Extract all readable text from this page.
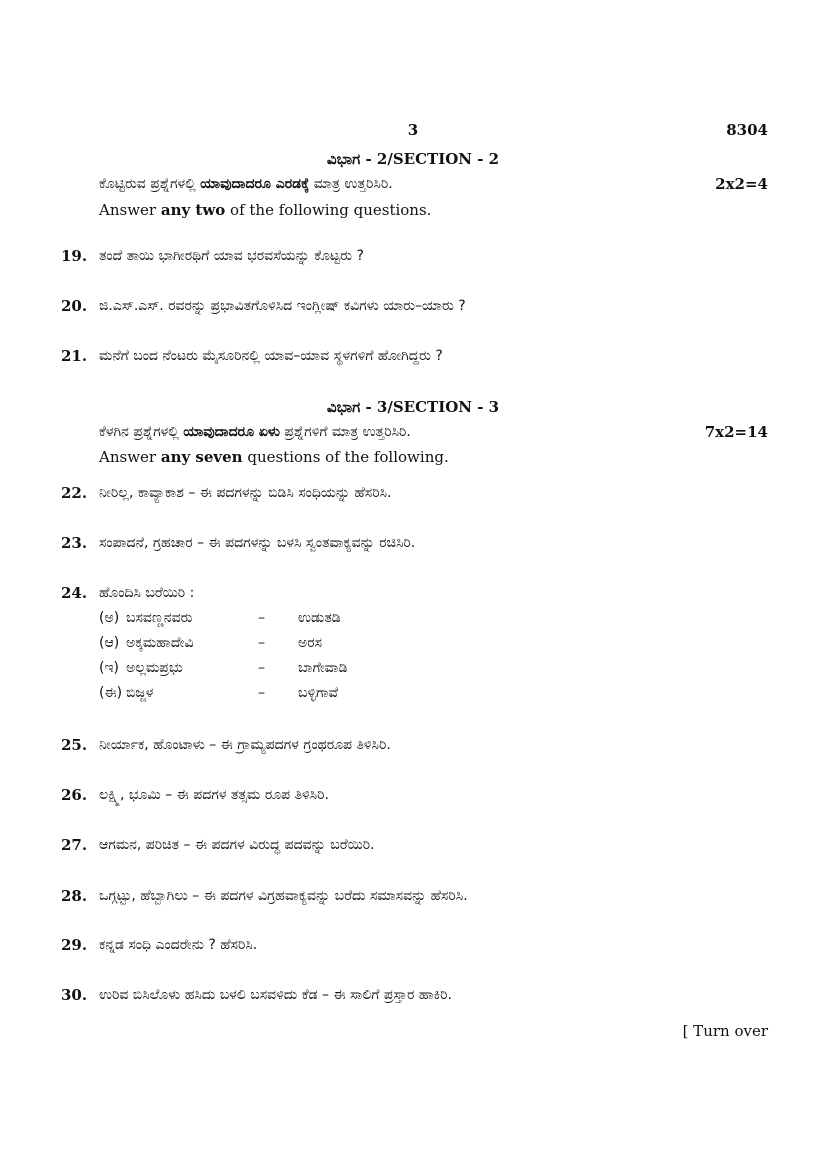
3	8304
ವಿಭಾಗ - 2/SECTION - 2
ಕೊಟ್ಟಿರುವ ಪ್ರಶ್ನೆಗಳಲ್ಲಿ ಯಾವುದಾದರೂ ಎರಡಕ್ಕೆ ಮಾತ್ರ ಉತ್ತರಿಸಿರಿ.	2x2=4
Answer any two of the following questions.
19. ತಂದೆ ತಾಯಿ ಭಾಗೀರಥಿಗೆ ಯಾವ ಭರವಸೆಯನ್ನು ಕೊಟ್ಟರು ?
20. ಜಿ.ಎಸ್.ಎಸ್. ರವರನ್ನು ಪ್ರಭಾವಿತಗೊಳಿಸಿದ ಇಂಗ್ಲೀಷ್ ಕವಿಗಳು ಯಾರು–ಯಾರು ?
21. ಮನೆಗೆ ಬಂದ ನೆಂಟರು ಮೈಸೂರಿನಲ್ಲಿ ಯಾವ–ಯಾವ ಸ್ಥಳಗಳಿಗೆ ಹೋಗಿದ್ದರು ?
ವಿಭಾಗ - 3/SECTION - 3
ಕೆಳಗಿನ ಪ್ರಶ್ನೆಗಳಲ್ಲಿ ಯಾವುದಾದರೂ ಏಳು ಪ್ರಶ್ನೆಗಳಿಗೆ ಮಾತ್ರ ಉತ್ತರಿಸಿರಿ.	7x2=14
Answer any seven questions of the following.
22. ನೀರಿಲ್ಲ, ಕಾವ್ಯಾಕಾಶ – ಈ ಪದಗಳನ್ನು ಬಿಡಿಸಿ ಸಂಧಿಯನ್ನು ಹೆಸರಿಸಿ.
23. ಸಂಪಾದನೆ, ಗ್ರಹಚಾರ – ಈ ಪದಗಳನ್ನು ಬಳಸಿ ಸ್ವಂತವಾಕ್ಯವನ್ನು ರಚಿಸಿರಿ.
24. ಹೊಂದಿಸಿ ಬರೆಯಿರಿ :
(ಅ) ಬಸವಣ್ಣನವರು	– ಉಡುತಡಿ
(ಆ) ಅಕ್ಕಮಹಾದೇವಿ	– ಅರಸ
(ಇ) ಅಲ್ಲಮಪ್ರಭು	– ಬಾಗೇವಾಡಿ
(ಈ) ಬಿಜ್ಜಳ	– ಬಳ್ಳಿಗಾವೆ
25. ನೀರ್ಯಾಕ, ಹೊಂಟಾಳು – ಈ ಗ್ರಾಮ್ಯಪದಗಳ ಗ್ರಂಥರೂಪ ತಿಳಿಸಿರಿ.
26. ಲಕ್ಷ್ಮಿ, ಭೂಮಿ – ಈ ಪದಗಳ ತತ್ಸಮ ರೂಪ ತಿಳಿಸಿರಿ.
27. ಆಗಮನ, ಪರಿಚಿತ – ಈ ಪದಗಳ ವಿರುದ್ಧ ಪದವನ್ನು ಬರೆಯಿರಿ.
28. ಒಗ್ಗಟ್ಟು, ಹೆಬ್ಬಾಗಿಲು – ಈ ಪದಗಳ ವಿಗ್ರಹವಾಕ್ಯವನ್ನು ಬರೆದು ಸಮಾಸವನ್ನು ಹೆಸರಿಸಿ.
29. ಕನ್ನಡ ಸಂಧಿ ಎಂದರೇನು ? ಹೆಸರಿಸಿ.
30. ಉರಿವ ಬಿಸಿಲೊಳು ಹಸಿದು ಬಳಲಿ ಬಸವಳಿದು ಕೆಡ – ಈ ಸಾಲಿಗೆ ಪ್ರಸ್ತಾರ ಹಾಕಿರಿ.
[ Turn over
